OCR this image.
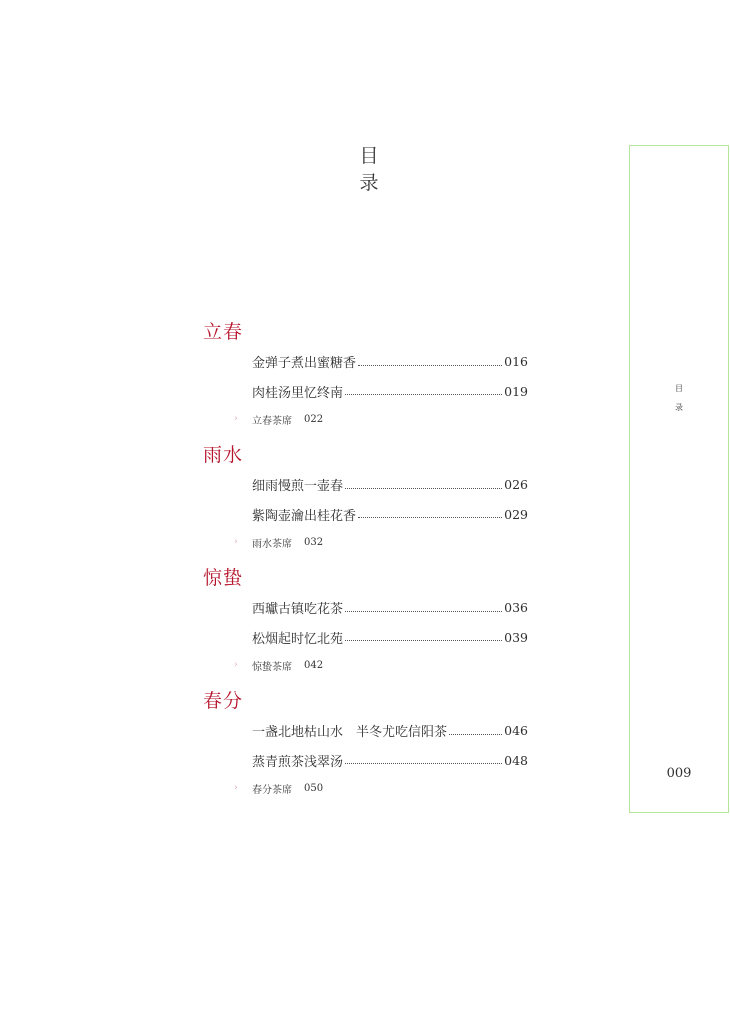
目
录
立春
金弹子煮出蜜糖香	016
肉桂汤里忆终南	019
›	立春茶席 022
雨水
细雨慢煎一壶春	026
紫陶壶瀹出桂花香	029
›	雨水茶席 032
惊蛰
西瓛古镇吃花茶	036
松烟起时忆北苑	039
›	惊蛰茶席 042
春分
一盏北地枯山水　半冬尤吃信阳茶	046
蒸青煎茶浅翠汤	048
›	春分茶席 050
目
录
009
